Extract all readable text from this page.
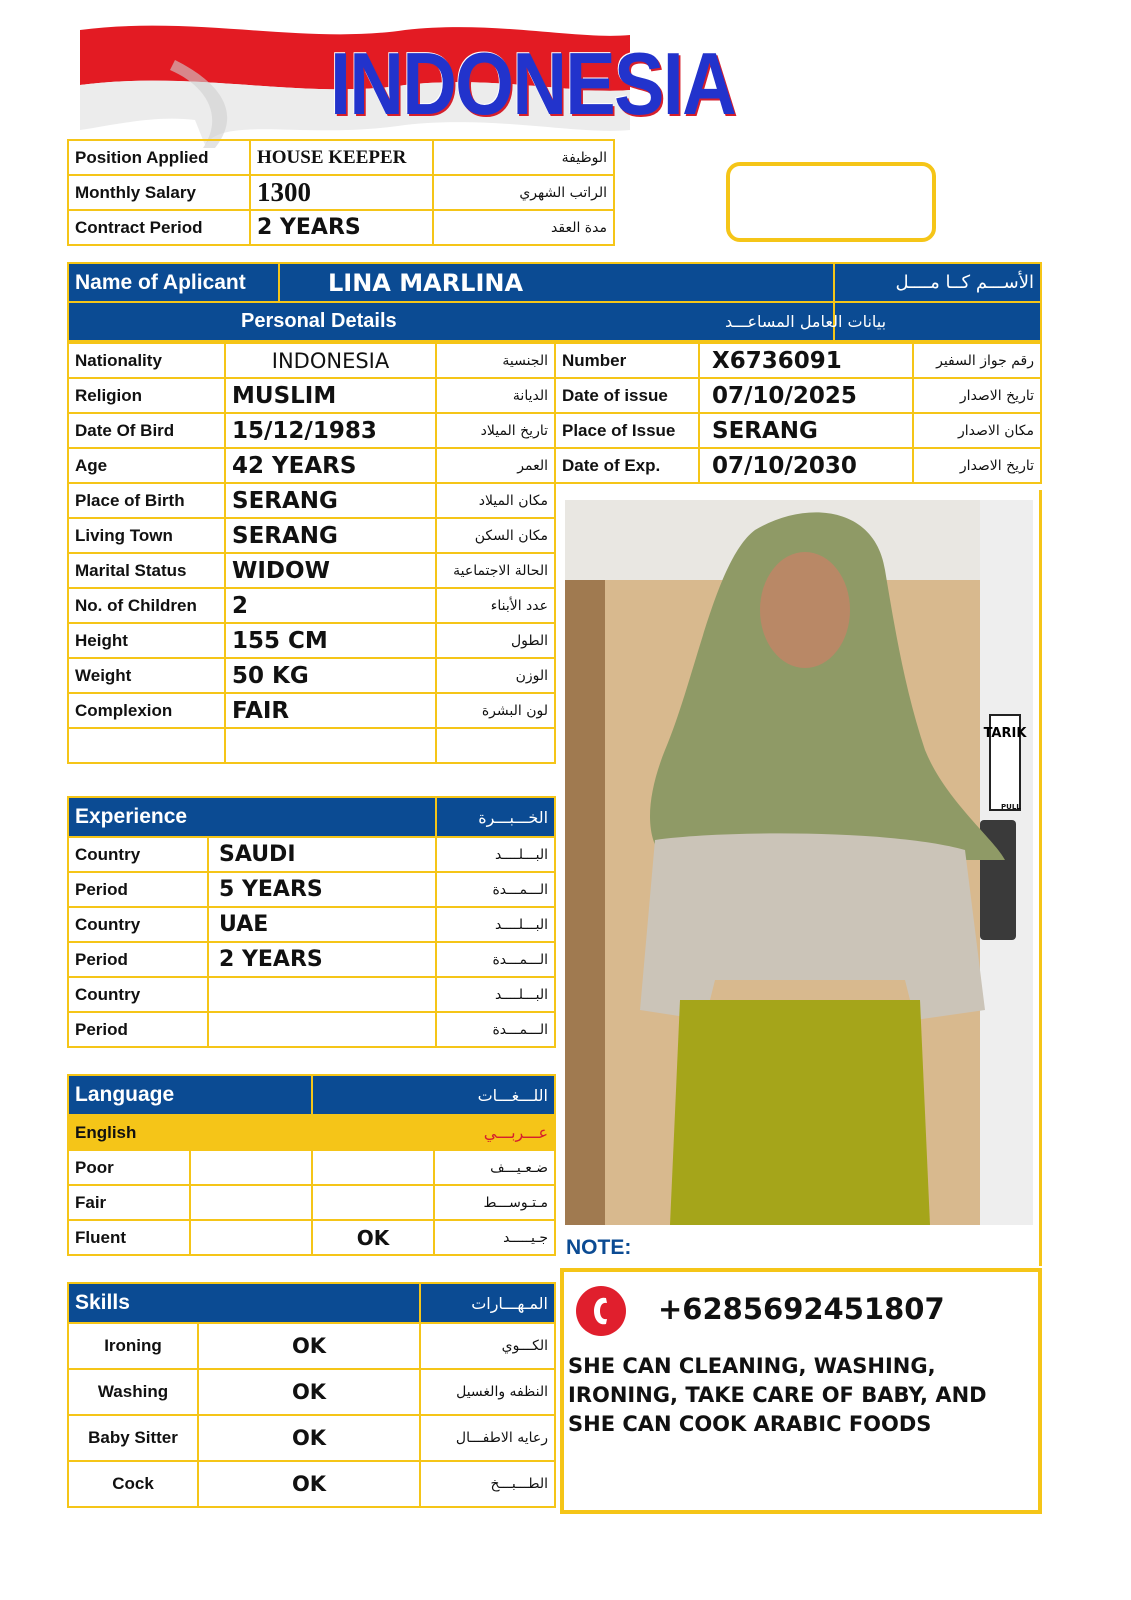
INDONESIA
Position Applied	HOUSE KEEPER	الوظيفة
Monthly Salary	1300	الراتب الشهري
Contract Period	2 YEARS	مدة العقد
Name of Aplicant	LINA MARLINA	الأســـم كــا مــــل
Personal Details		بيانات العامل المساعـــد
Nationality	INDONESIA	الجنسية
Religion	MUSLIM	الديانة
Date Of Bird	15/12/1983	تاريخ الميلاد
Age	42 YEARS	العمر
Place of Birth	SERANG	مكان الميلاد
Living Town	SERANG	مكان السكن
Marital Status	WIDOW	الحالة الاجتماعية
No. of Children	2	عدد الأبناء
Height	155 CM	الطول
Weight	50 KG	الوزن
Complexion	FAIR	لون البشرة

Number	X6736091	رقم جواز السفير
Date of issue	07/10/2025	تاريخ الاصدار
Place of Issue	SERANG	مكان الاصدار
Date of Exp.	07/10/2030	تاريخ الاصدار
Experience		الخـــبـــرة
Country	SAUDI	البـــلــــد
Period	5 YEARS	الـــمـــدة
Country	UAE	البـــلــــد
Period	2 YEARS	الـــمـــدة
Country		البـــلــــد
Period		الـــمـــدة
Language		اللـــغـــات	
English		عـــربـــي	
Poor			ضـعـيـــف
Fair			مـتـوســـط
Fluent		OK	جـيـــــد
Skills		المـهـــارات
Ironing	OK	الكـــوي
Washing	OK	النظفه والغسيل
Baby Sitter	OK	رعايه الاطفـــال
Cock	OK	الطـــبـــخ
TARIK
PULL
NOTE:
+6285692451807
SHE CAN CLEANING, WASHING, IRONING, TAKE CARE OF BABY, AND SHE CAN COOK ARABIC FOODS
